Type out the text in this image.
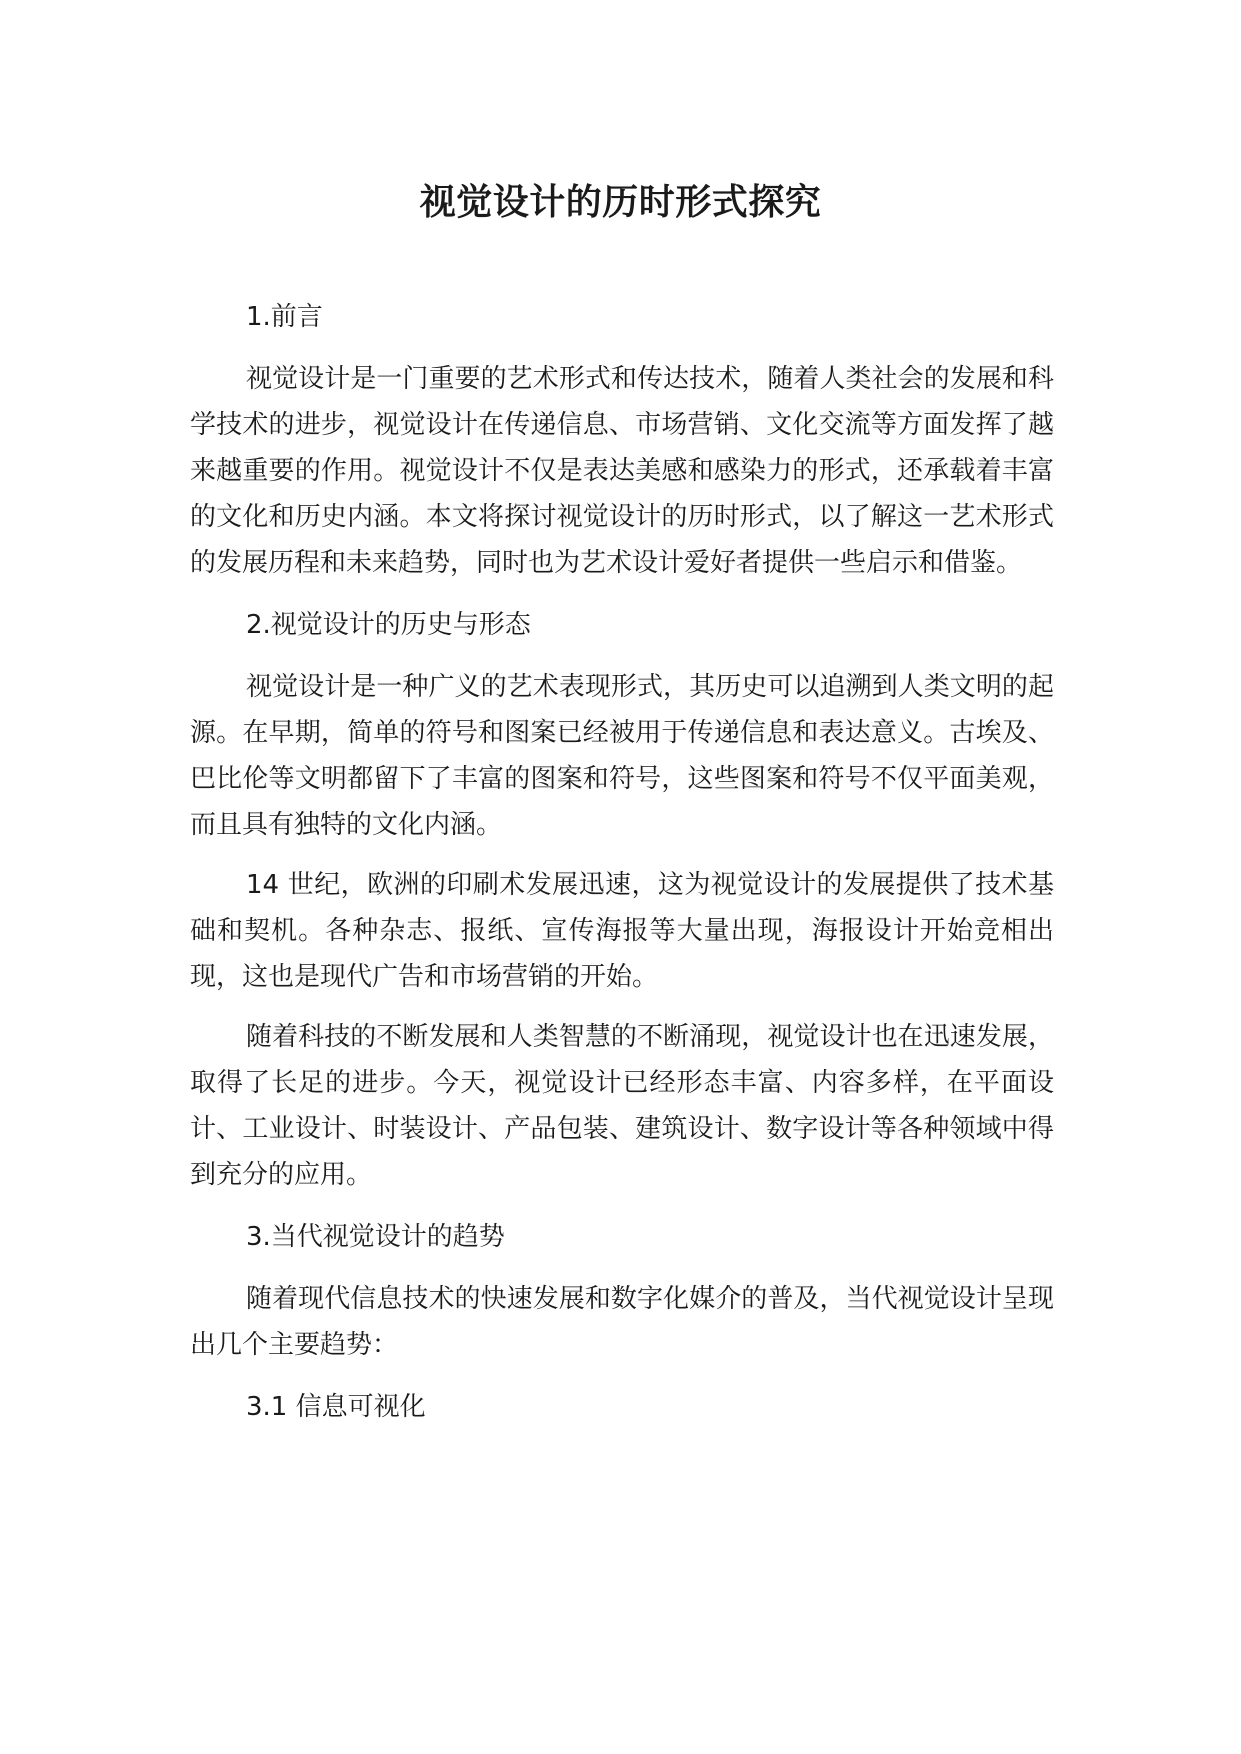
视觉设计的历时形式探究
1.前言
视觉设计是一门重要的艺术形式和传达技术，随着人类社会的发展和科学技术的进步，视觉设计在传递信息、市场营销、文化交流等方面发挥了越来越重要的作用。视觉设计不仅是表达美感和感染力的形式，还承载着丰富的文化和历史内涵。本文将探讨视觉设计的历时形式，以了解这一艺术形式的发展历程和未来趋势，同时也为艺术设计爱好者提供一些启示和借鉴。
2.视觉设计的历史与形态
视觉设计是一种广义的艺术表现形式，其历史可以追溯到人类文明的起源。在早期，简单的符号和图案已经被用于传递信息和表达意义。古埃及、巴比伦等文明都留下了丰富的图案和符号，这些图案和符号不仅平面美观，而且具有独特的文化内涵。
14 世纪，欧洲的印刷术发展迅速，这为视觉设计的发展提供了技术基础和契机。各种杂志、报纸、宣传海报等大量出现，海报设计开始竞相出现，这也是现代广告和市场营销的开始。
随着科技的不断发展和人类智慧的不断涌现，视觉设计也在迅速发展，取得了长足的进步。今天，视觉设计已经形态丰富、内容多样，在平面设计、工业设计、时装设计、产品包装、建筑设计、数字设计等各种领域中得到充分的应用。
3.当代视觉设计的趋势
随着现代信息技术的快速发展和数字化媒介的普及，当代视觉设计呈现出几个主要趋势：
3.1 信息可视化
